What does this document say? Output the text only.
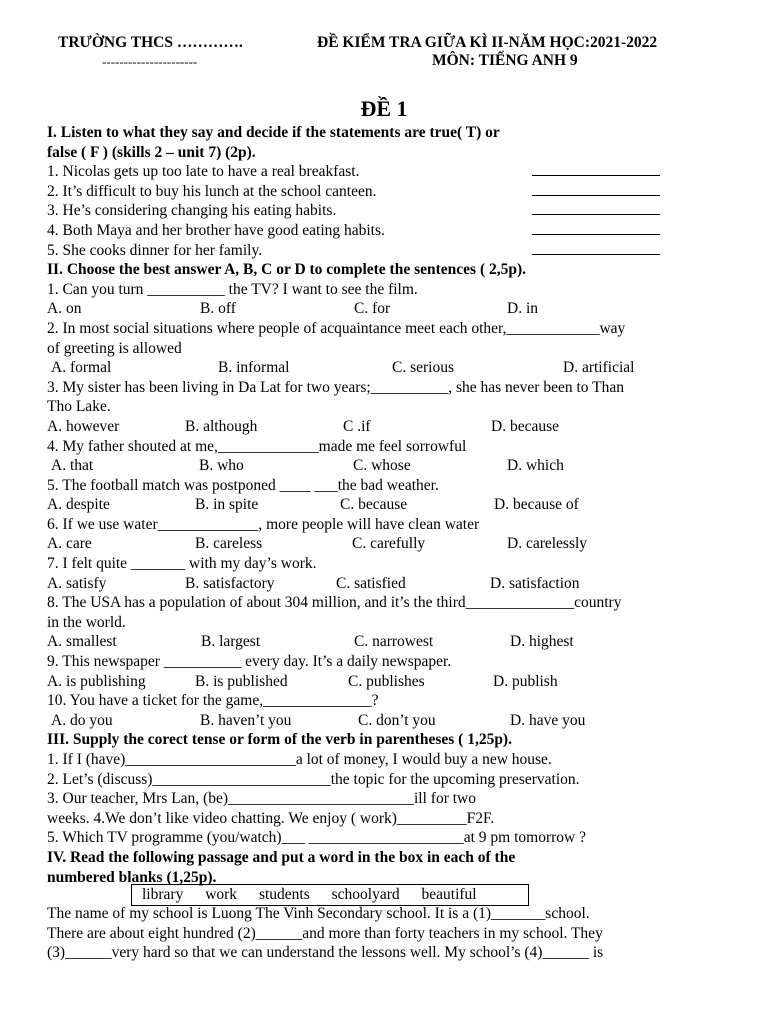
TRƯỜNG THCS ………….
----------------------
ĐỀ KIỂM TRA GIỮA KÌ II-NĂM HỌC:2021-2022
MÔN: TIẾNG ANH 9
ĐỀ 1
I. Listen to what they say and decide if the statements are true( T) or
false ( F ) (skills 2 – unit 7) (2p).
1. Nicolas gets up too late to have a real breakfast.
2. It’s difficult to buy his lunch at the school canteen.
3. He’s considering changing his eating habits.
4. Both Maya and her brother have good eating habits.
5. She cooks dinner for her family.
II. Choose the best answer A, B, C or D to complete the sentences ( 2,5p).
1. Can you turn __________ the TV? I want to see the film.
A. on	B. off	C. for	D. in
2. In most social situations where people of acquaintance meet each other,____________way
of greeting is allowed
A. formal	B. informal	C. serious	D. artificial
3. My sister has been living in Da Lat for two years;__________, she has never been to Than
Tho Lake.
A. however	B. although	C .if	D. because
4. My father shouted at me,_____________made me feel sorrowful
A. that	B. who	C. whose	D. which
5. The football match was postponed ____ ___the bad weather.
A. despite	B. in spite	C. because	D. because of
6. If we use water_____________, more people will have clean water
A. care	B. careless	C. carefully	D. carelessly
7. I felt quite _______ with my day’s work.
A. satisfy	B. satisfactory	C. satisfied	D. satisfaction
8. The USA has a population of about 304 million, and it’s the third______________country
in the world.
A. smallest	B. largest	C. narrowest	D. highest
9. This newspaper __________ every day. It’s a daily newspaper.
A. is publishing	B. is published	C. publishes	D. publish
10. You have a ticket for the game,______________?
A. do you	B. haven’t you	C. don’t you	D. have you
III. Supply the corect tense or form of the verb in parentheses ( 1,25p).
1. If I (have)______________________a lot of money, I would buy a new house.
2. Let’s (discuss)_______________________the topic for the upcoming preservation.
3. Our teacher, Mrs Lan, (be)________________________ill for two
weeks. 4.We don’t like video chatting. We enjoy ( work)_________F2F.
5. Which TV programme (you/watch)___ ____________________at 9 pm tomorrow ?
IV. Read the following passage and put a word in the box in each of the
numbered blanks (1,25p).
library work students schoolyard beautiful
The name of my school is Luong The Vinh Secondary school. It is a (1)_______school.
There are about eight hundred (2)______and more than forty teachers in my school. They
(3)______very hard so that we can understand the lessons well. My school’s (4)______ is
